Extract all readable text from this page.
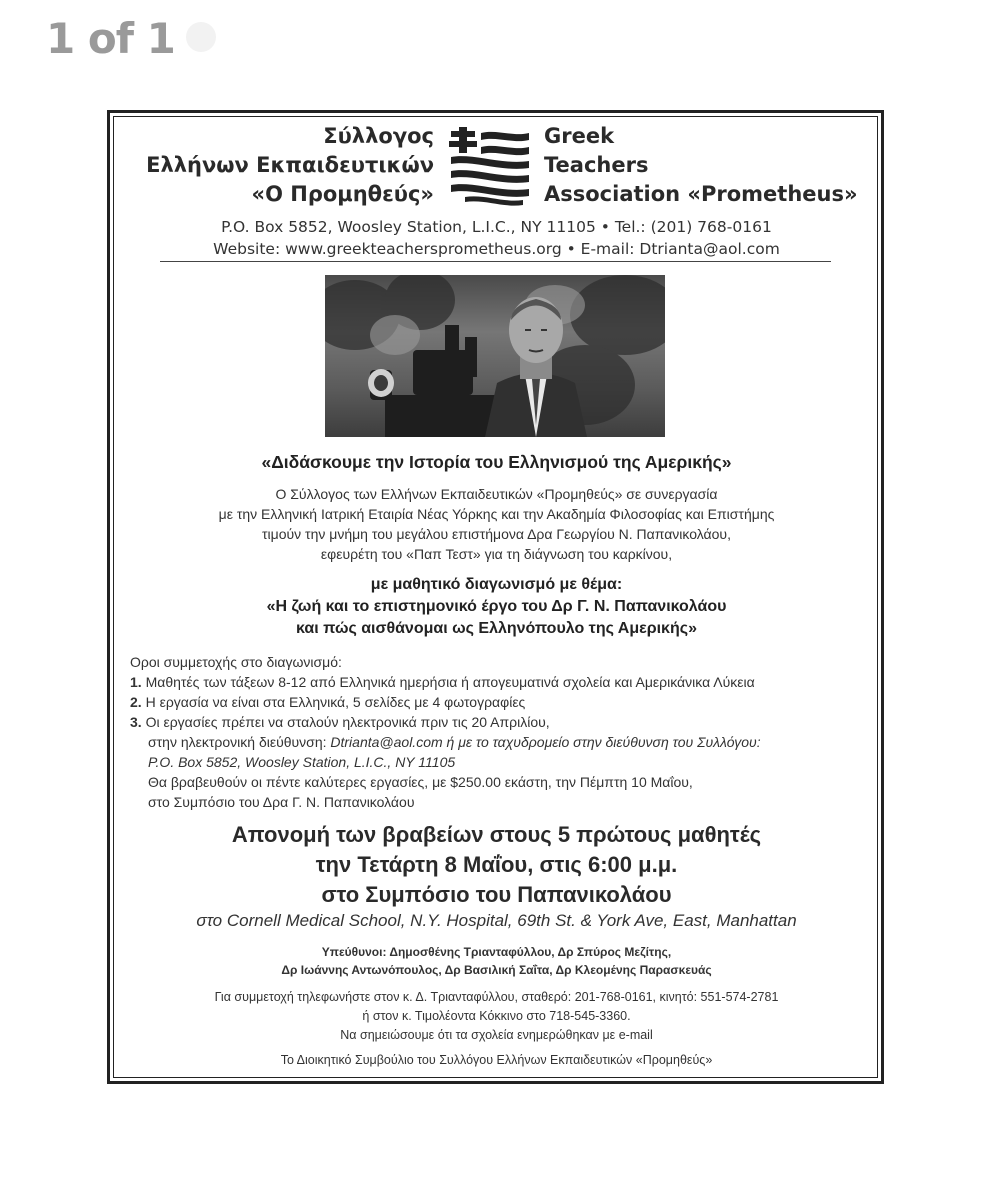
1 of 1
Σύλλογος
Ελλήνων Εκπαιδευτικών
«Ο Προμηθεύς»
Greek
Teachers
Association «Prometheus»
P.O. Box 5852, Woosley Station, L.I.C., NY 11105 • Tel.: (201) 768-0161
Website: www.greekteachersprometheus.org • E-mail: Dtrianta@aol.com
«Διδάσκουμε την Ιστορία του Ελληνισμού της Αμερικής»
Ο Σύλλογος των Ελλήνων Εκπαιδευτικών «Προμηθεύς» σε συνεργασία
με την Ελληνική Ιατρική Εταιρία Νέας Υόρκης και την Ακαδημία Φιλοσοφίας και Επιστήμης
τιμούν την μνήμη του μεγάλου επιστήμονα Δρα Γεωργίου Ν. Παπανικολάου,
εφευρέτη του «Παπ Τεστ» για τη διάγνωση του καρκίνου,
με μαθητικό διαγωνισμό με θέμα:
«Η ζωή και το επιστημονικό έργο του Δρ Γ. Ν. Παπανικολάου
και πώς αισθάνομαι ως Ελληνόπουλο της Αμερικής»
Οροι συμμετοχής στο διαγωνισμό:
1. Μαθητές των τάξεων 8-12 από Ελληνικά ημερήσια ή απογευματινά σχολεία και Αμερικάνικα Λύκεια
2. Η εργασία να είναι στα Ελληνικά, 5 σελίδες με 4 φωτογραφίες
3. Οι εργασίες πρέπει να σταλούν ηλεκτρονικά πριν τις 20 Απριλίου,
στην ηλεκτρονική διεύθυνση: Dtrianta@aol.com ή με το ταχυδρομείο στην διεύθυνση του Συλλόγου:
P.O. Box 5852, Woosley Station, L.I.C., NY 11105
Θα βραβευθούν οι πέντε καλύτερες εργασίες, με $250.00 εκάστη, την Πέμπτη 10 Μαΐου,
στο Συμπόσιο του Δρα Γ. Ν. Παπανικολάου
Απονομή των βραβείων στους 5 πρώτους μαθητές
την Τετάρτη 8 Μαΐου, στις 6:00 μ.μ.
στο Συμπόσιο του Παπανικολάου
στο Cornell Medical School, N.Y. Hospital, 69th St. & York Ave, East, Manhattan
Υπεύθυνοι: Δημοσθένης Τριανταφύλλου, Δρ Σπύρος Μεζίτης,
Δρ Ιωάννης Αντωνόπουλος, Δρ Βασιλική Σαΐτα, Δρ Κλεομένης Παρασκευάς
Για συμμετοχή τηλεφωνήστε στον κ. Δ. Τριανταφύλλου, σταθερό: 201-768-0161, κινητό: 551-574-2781
ή στον κ. Τιμολέοντα Κόκκινο στο 718-545-3360.
Να σημειώσουμε ότι τα σχολεία ενημερώθηκαν με e-mail
Το Διοικητικό Συμβούλιο του Συλλόγου Ελλήνων Εκπαιδευτικών «Προμηθεύς»
